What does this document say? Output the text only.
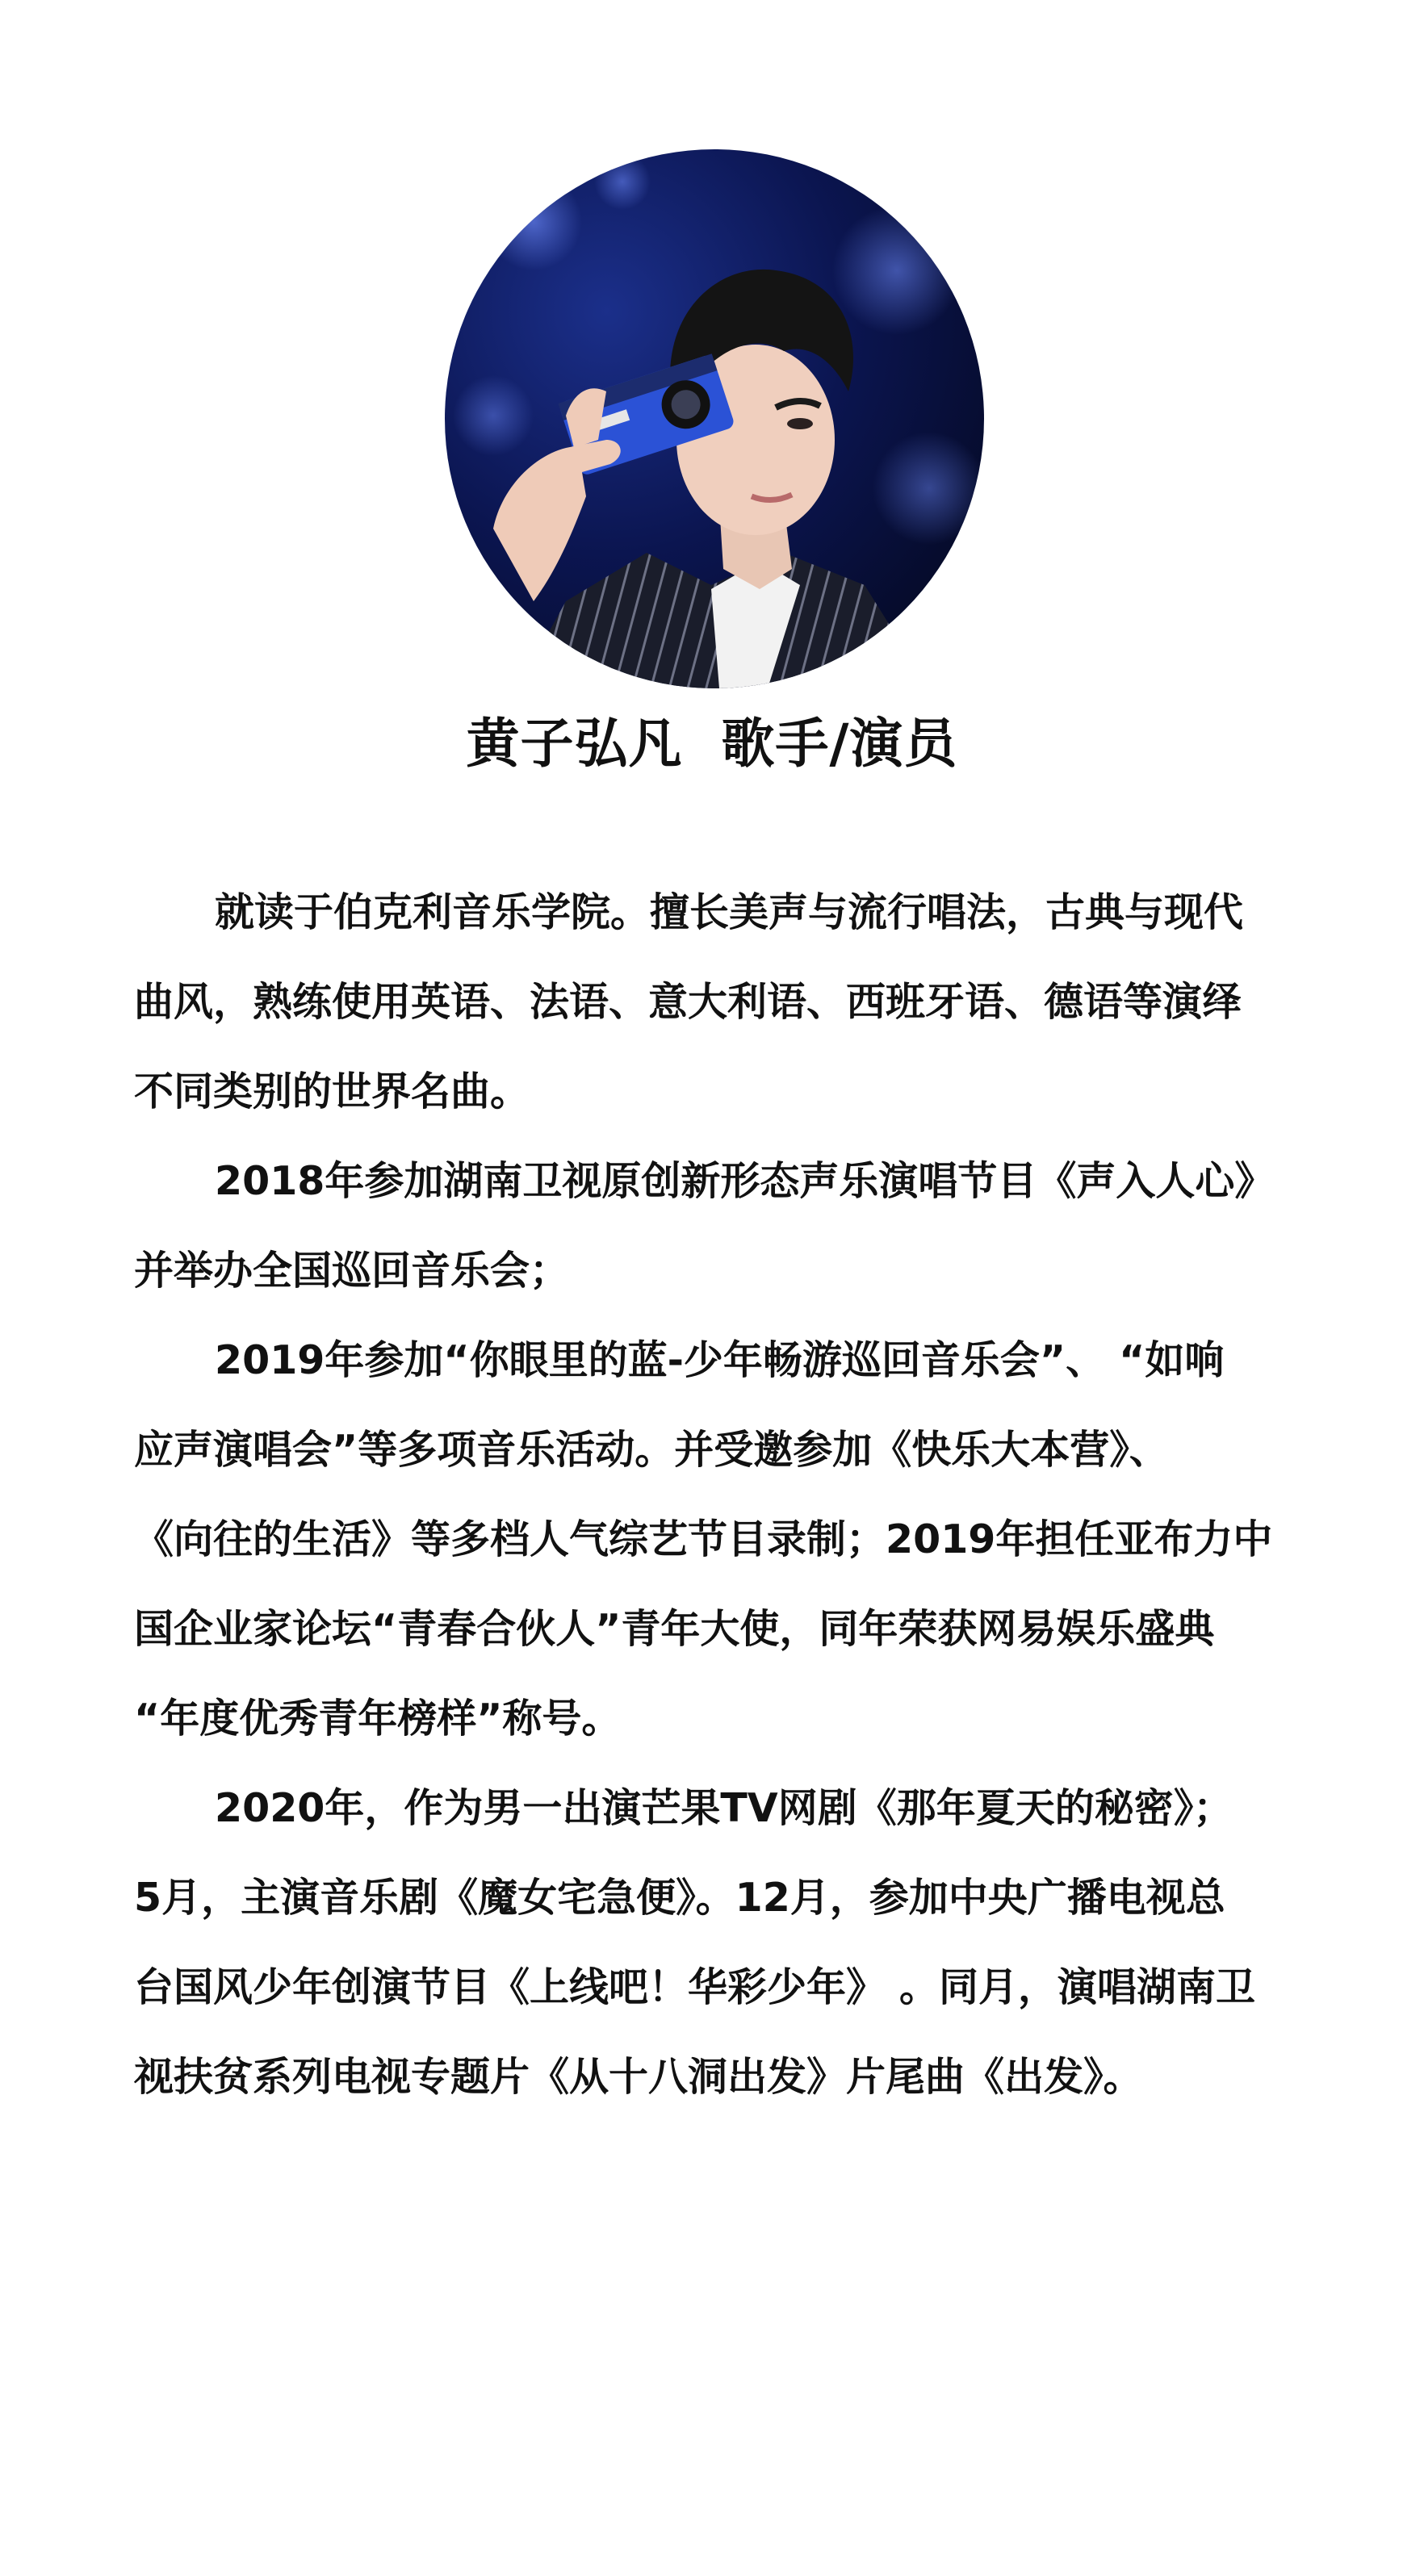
黄子弘凡  歌手/演员
就读于伯克利音乐学院。擅长美声与流行唱法，古典与现代
曲风，熟练使用英语、法语、意大利语、西班牙语、德语等演绎
不同类别的世界名曲。
2018年参加湖南卫视原创新形态声乐演唱节目《声入人心》
并举办全国巡回音乐会；
2019年参加“你眼里的蓝-少年畅游巡回音乐会”、 “如响
应声演唱会”等多项音乐活动。并受邀参加《快乐大本营》、
《向往的生活》等多档人气综艺节目录制；2019年担任亚布力中
国企业家论坛“青春合伙人”青年大使，同年荣获网易娱乐盛典
“年度优秀青年榜样”称号。
2020年，作为男一出演芒果TV网剧《那年夏天的秘密》；
5月，主演音乐剧《魔女宅急便》。12月，参加中央广播电视总
台国风少年创演节目《上线吧！华彩少年》 。同月，演唱湖南卫
视扶贫系列电视专题片《从十八洞出发》片尾曲《出发》。
